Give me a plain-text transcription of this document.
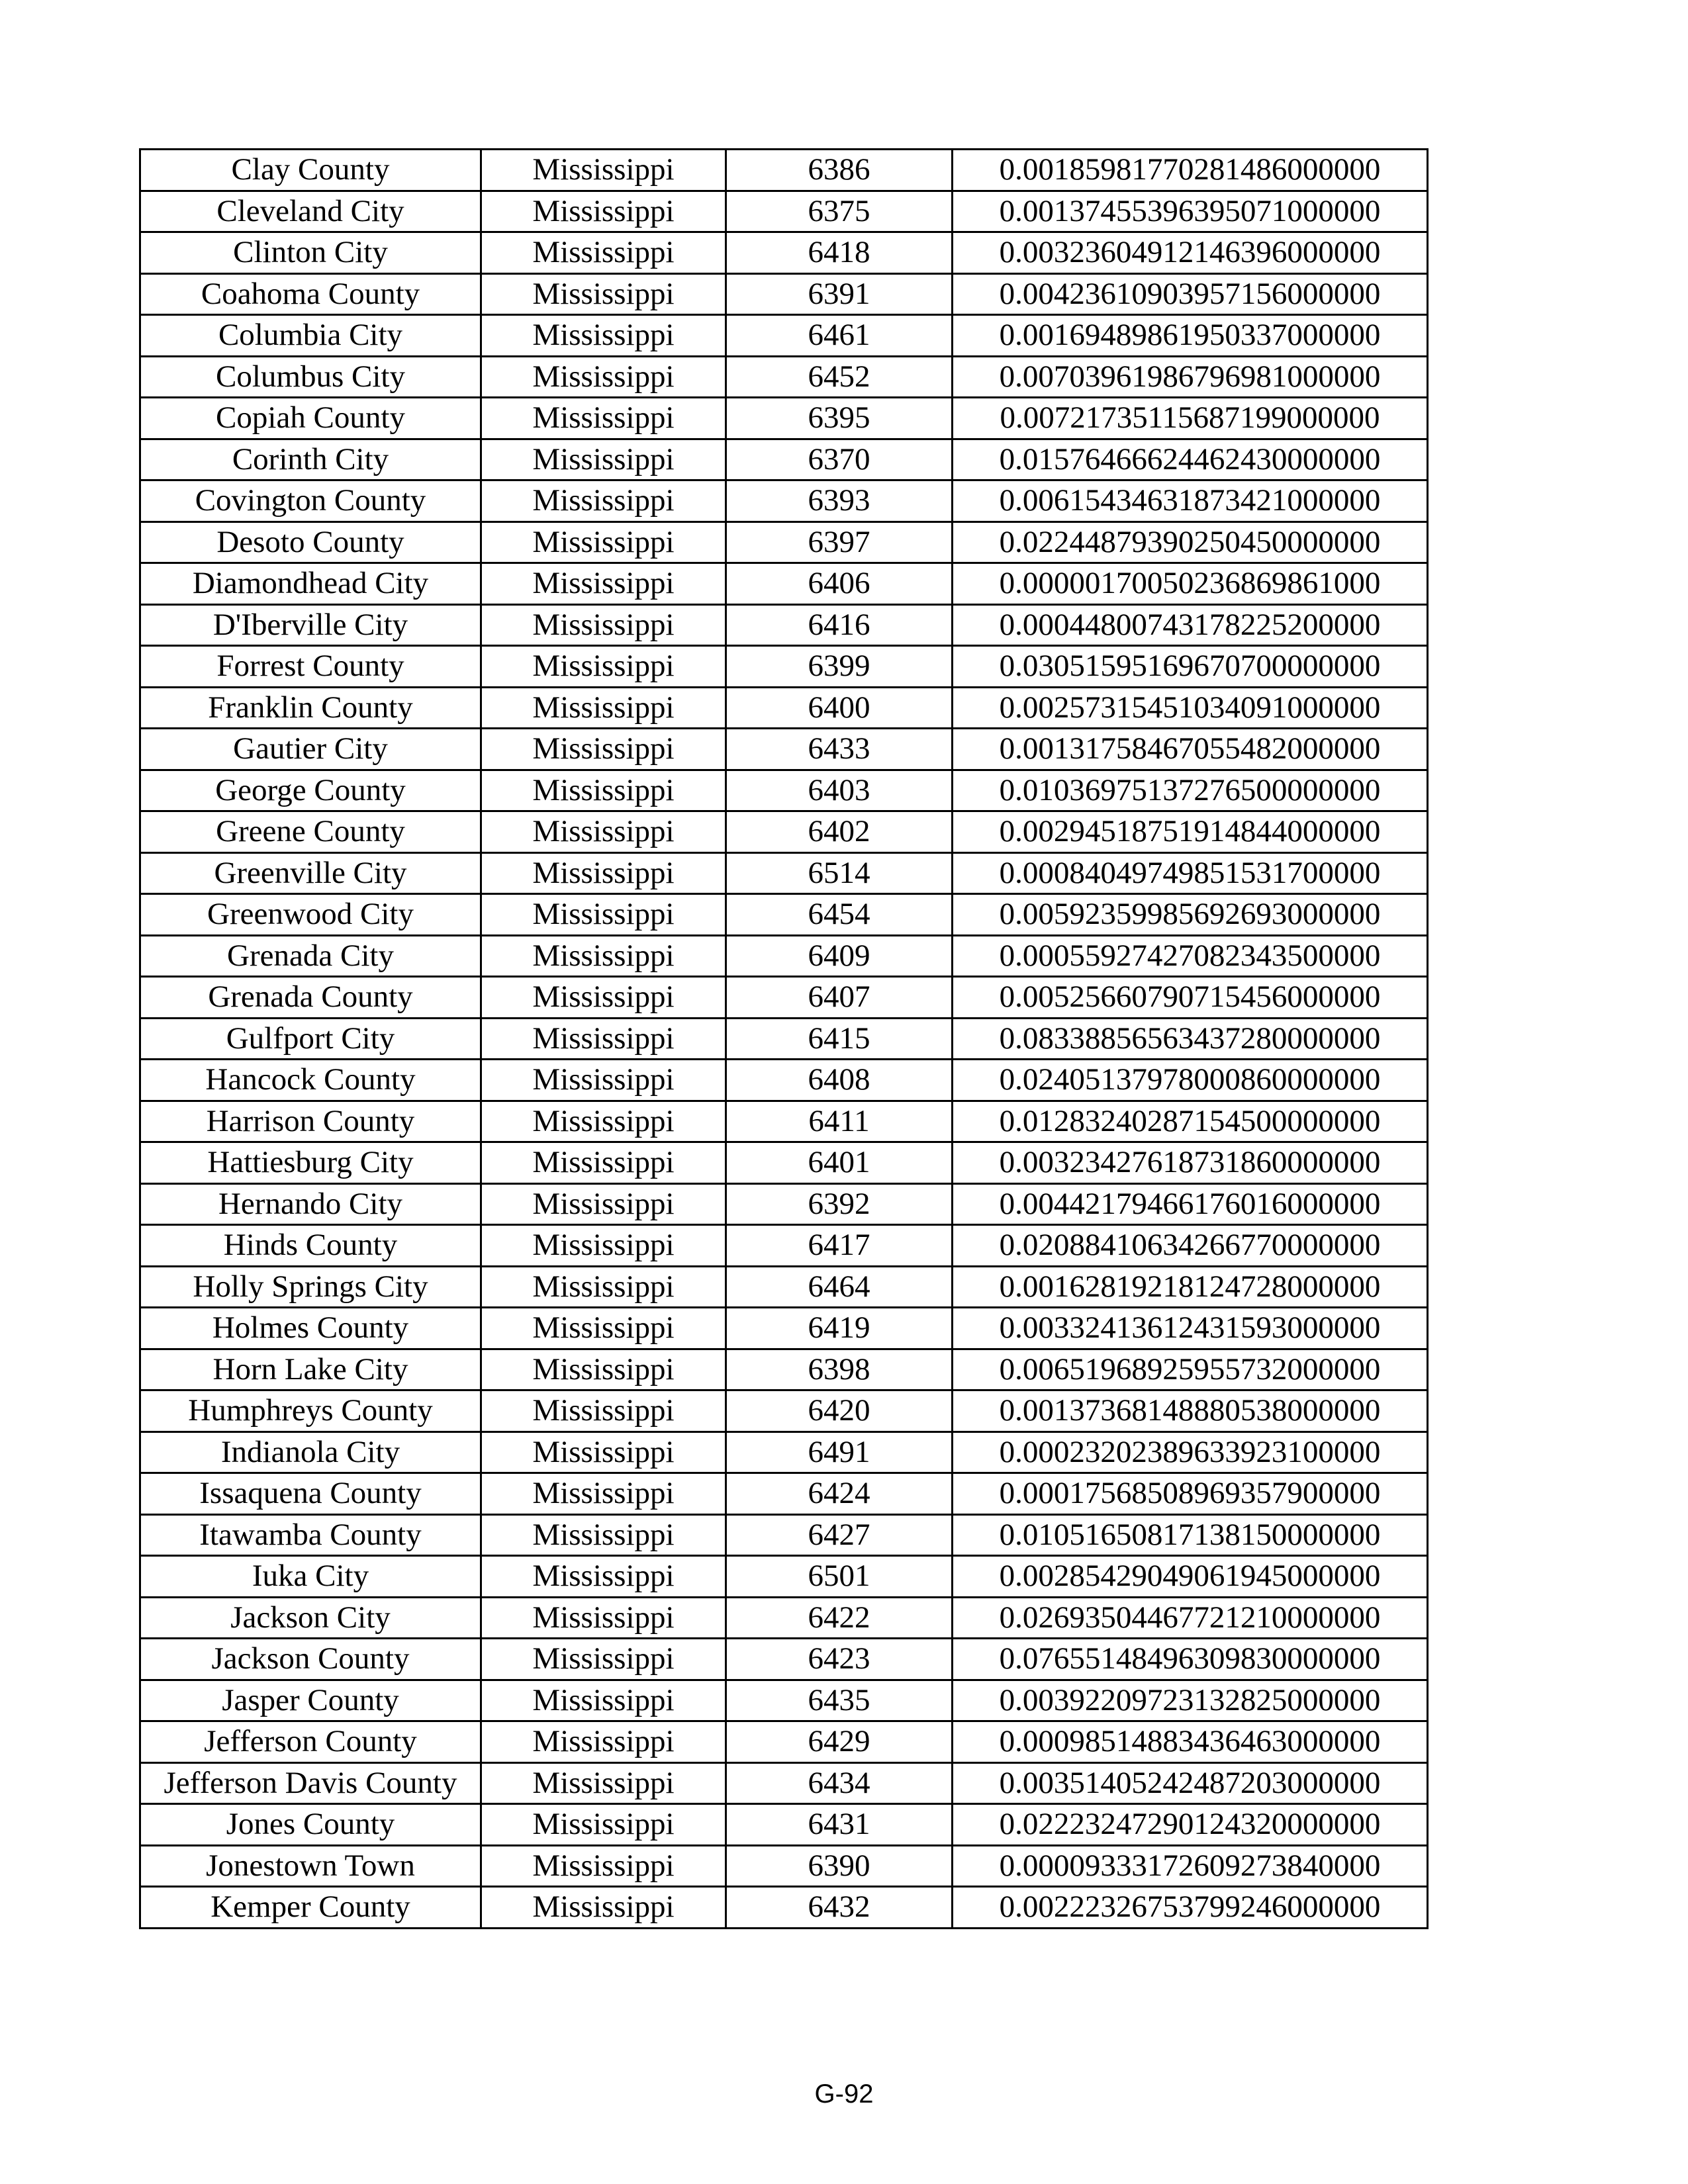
Clay County	Mississippi	6386	0.00185981770281486000000
Cleveland City	Mississippi	6375	0.00137455396395071000000
Clinton City	Mississippi	6418	0.00323604912146396000000
Coahoma County	Mississippi	6391	0.00423610903957156000000
Columbia City	Mississippi	6461	0.00169489861950337000000
Columbus City	Mississippi	6452	0.00703961986796981000000
Copiah County	Mississippi	6395	0.00721735115687199000000
Corinth City	Mississippi	6370	0.01576466624462430000000
Covington County	Mississippi	6393	0.00615434631873421000000
Desoto County	Mississippi	6397	0.02244879390250450000000
Diamondhead City	Mississippi	6406	0.00000170050236869861000
D'Iberville City	Mississippi	6416	0.00044800743178225200000
Forrest County	Mississippi	6399	0.03051595169670700000000
Franklin County	Mississippi	6400	0.00257315451034091000000
Gautier City	Mississippi	6433	0.00131758467055482000000
George County	Mississippi	6403	0.01036975137276500000000
Greene County	Mississippi	6402	0.00294518751914844000000
Greenville City	Mississippi	6514	0.00084049749851531700000
Greenwood City	Mississippi	6454	0.00592359985692693000000
Grenada City	Mississippi	6409	0.00055927427082343500000
Grenada County	Mississippi	6407	0.00525660790715456000000
Gulfport City	Mississippi	6415	0.08338856563437280000000
Hancock County	Mississippi	6408	0.02405137978000860000000
Harrison County	Mississippi	6411	0.01283240287154500000000
Hattiesburg City	Mississippi	6401	0.00323427618731860000000
Hernando City	Mississippi	6392	0.00442179466176016000000
Hinds County	Mississippi	6417	0.02088410634266770000000
Holly Springs City	Mississippi	6464	0.00162819218124728000000
Holmes County	Mississippi	6419	0.00332413612431593000000
Horn Lake City	Mississippi	6398	0.00651968925955732000000
Humphreys County	Mississippi	6420	0.00137368148880538000000
Indianola City	Mississippi	6491	0.00023202389633923100000
Issaquena County	Mississippi	6424	0.00017568508969357900000
Itawamba County	Mississippi	6427	0.01051650817138150000000
Iuka City	Mississippi	6501	0.00285429049061945000000
Jackson City	Mississippi	6422	0.02693504467721210000000
Jackson County	Mississippi	6423	0.07655148496309830000000
Jasper County	Mississippi	6435	0.00392209723132825000000
Jefferson County	Mississippi	6429	0.00098514883436463000000
Jefferson Davis County	Mississippi	6434	0.00351405242487203000000
Jones County	Mississippi	6431	0.02223247290124320000000
Jonestown Town	Mississippi	6390	0.00009333172609273840000
Kemper County	Mississippi	6432	0.00222326753799246000000
G-92
